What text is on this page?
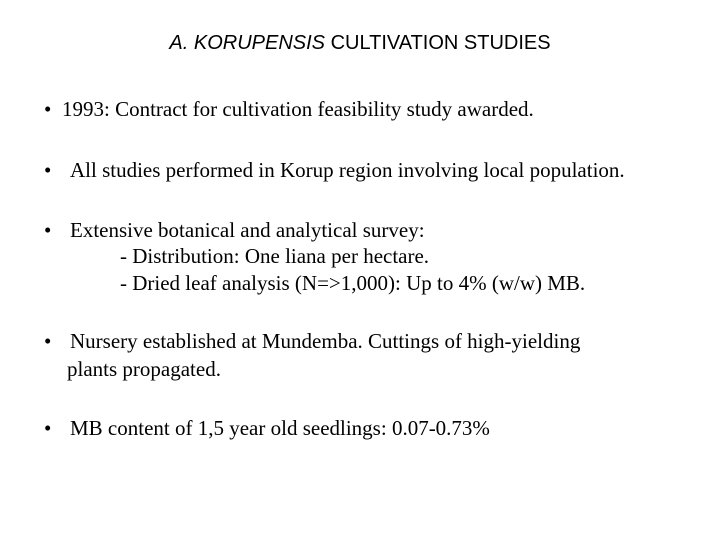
A. KORUPENSIS CULTIVATION STUDIES
• 1993: Contract for cultivation feasibility study awarded.
• All studies performed in Korup region involving local population.
• Extensive botanical and analytical survey:
- Distribution: One liana per hectare.
- Dried leaf analysis (N=>1,000): Up to 4% (w/w) MB.
• Nursery established at Mundemba. Cuttings of high-yielding
plants propagated.
• MB content of 1,5 year old seedlings: 0.07-0.73%
